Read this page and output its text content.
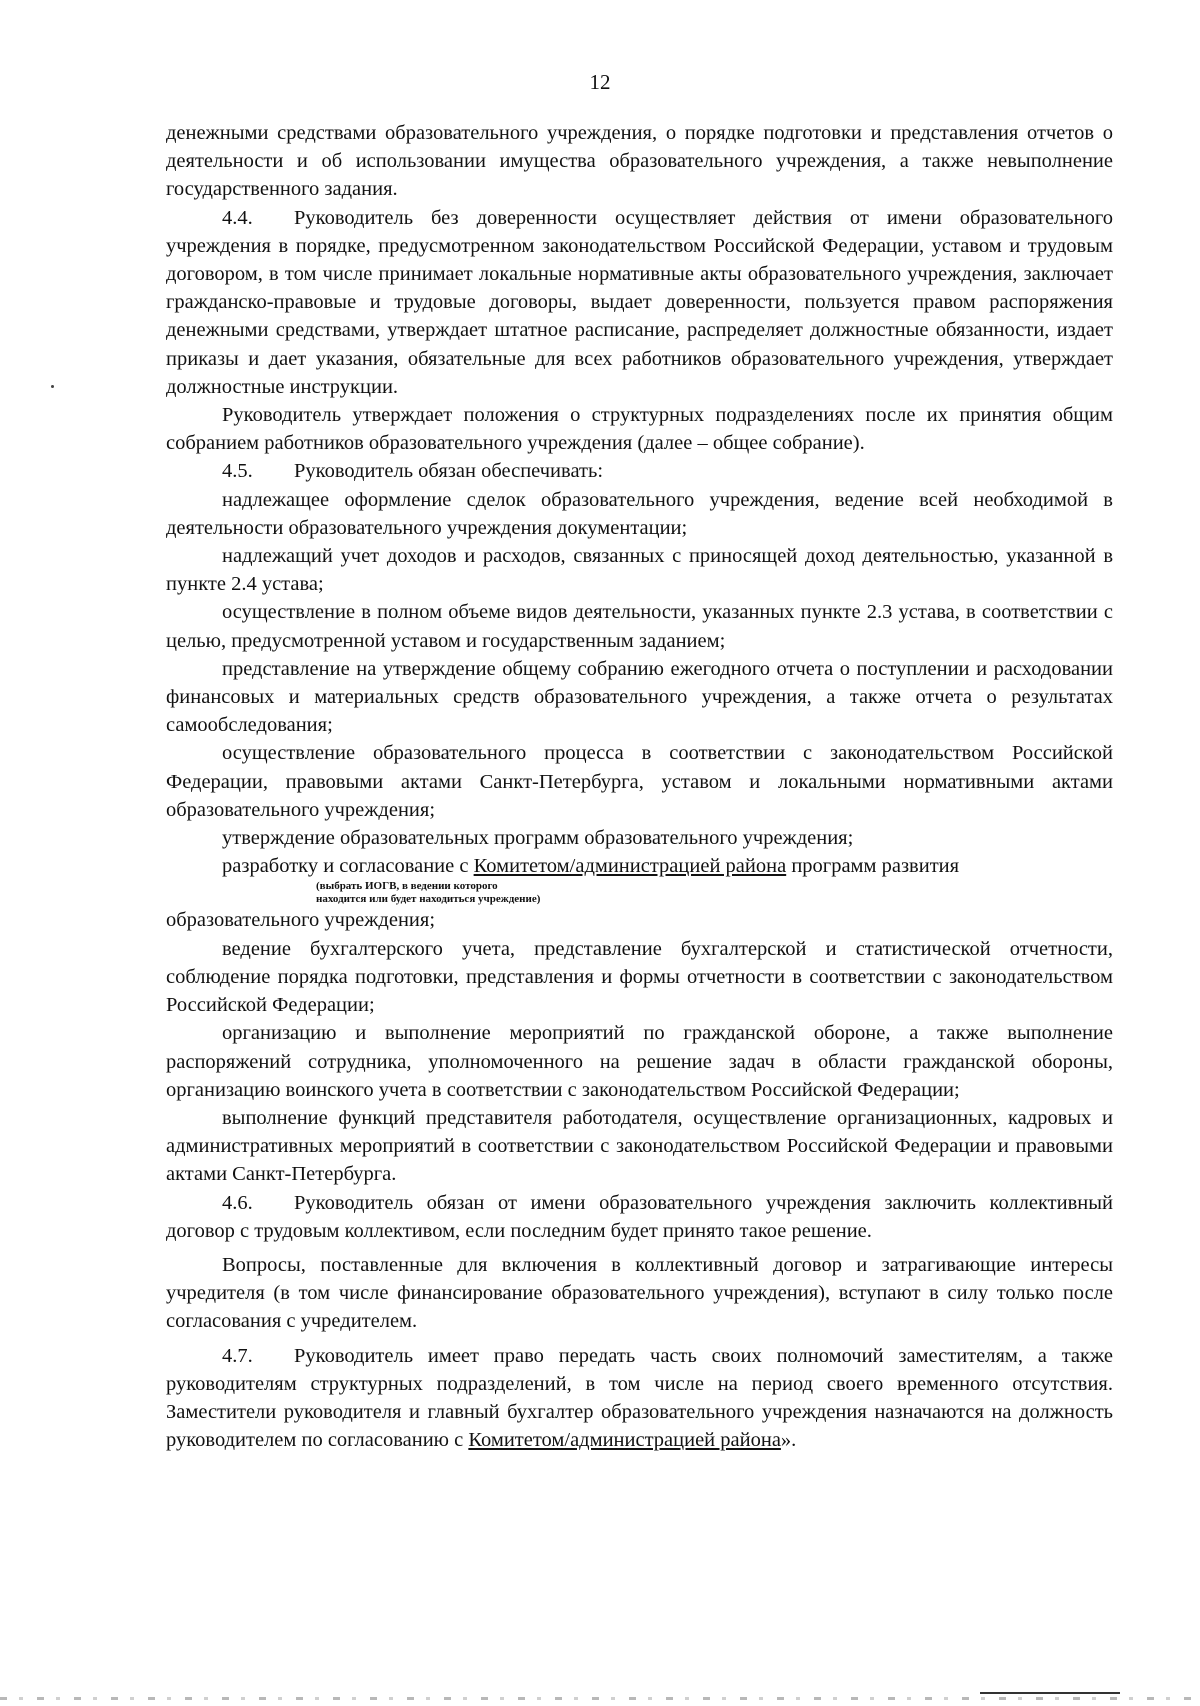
12

денежными средствами образовательного учреждения, о порядке подготовки и представления отчетов о деятельности и об использовании имущества образовательного учреждения, а также невыполнение государственного задания.

4.4. Руководитель без доверенности осуществляет действия от имени образовательного учреждения в порядке, предусмотренном законодательством Российской Федерации, уставом и трудовым договором, в том числе принимает локальные нормативные акты образовательного учреждения, заключает гражданско-правовые и трудовые договоры, выдает доверенности, пользуется правом распоряжения денежными средствами, утверждает штатное расписание, распределяет должностные обязанности, издает приказы и дает указания, обязательные для всех работников образовательного учреждения, утверждает должностные инструкции.

Руководитель утверждает положения о структурных подразделениях после их принятия общим собранием работников образовательного учреждения (далее – общее собрание).

4.5. Руководитель обязан обеспечивать:

надлежащее оформление сделок образовательного учреждения, ведение всей необходимой в деятельности образовательного учреждения документации;

надлежащий учет доходов и расходов, связанных с приносящей доход деятельностью, указанной в пункте 2.4 устава;

осуществление в полном объеме видов деятельности, указанных пункте 2.3 устава, в соответствии с целью, предусмотренной уставом и государственным заданием;

представление на утверждение общему собранию ежегодного отчета о поступлении и расходовании финансовых и материальных средств образовательного учреждения, а также отчета о результатах самообследования;

осуществление образовательного процесса в соответствии с законодательством Российской Федерации, правовыми актами Санкт-Петербурга, уставом и локальными нормативными актами образовательного учреждения;

утверждение образовательных программ образовательного учреждения;

разработку и согласование с Комитетом/администрацией района программ развития

(выбрать ИОГВ, в ведении которого
находится или будет находиться учреждение)

образовательного учреждения;

ведение бухгалтерского учета, представление бухгалтерской и статистической отчетности, соблюдение порядка подготовки, представления и формы отчетности в соответствии с законодательством Российской Федерации;

организацию и выполнение мероприятий по гражданской обороне, а также выполнение распоряжений сотрудника, уполномоченного на решение задач в области гражданской обороны, организацию воинского учета в соответствии с законодательством Российской Федерации;

выполнение функций представителя работодателя, осуществление организационных, кадровых и административных мероприятий в соответствии с законодательством Российской Федерации и правовыми актами Санкт-Петербурга.

4.6. Руководитель обязан от имени образовательного учреждения заключить коллективный договор с трудовым коллективом, если последним будет принято такое решение.

Вопросы, поставленные для включения в коллективный договор и затрагивающие интересы учредителя (в том числе финансирование образовательного учреждения), вступают в силу только после согласования с учредителем.

4.7. Руководитель имеет право передать часть своих полномочий заместителям, а также руководителям структурных подразделений, в том числе на период своего временного отсутствия. Заместители руководителя и главный бухгалтер образовательного учреждения назначаются на должность руководителем по согласованию с Комитетом/администрацией района».
